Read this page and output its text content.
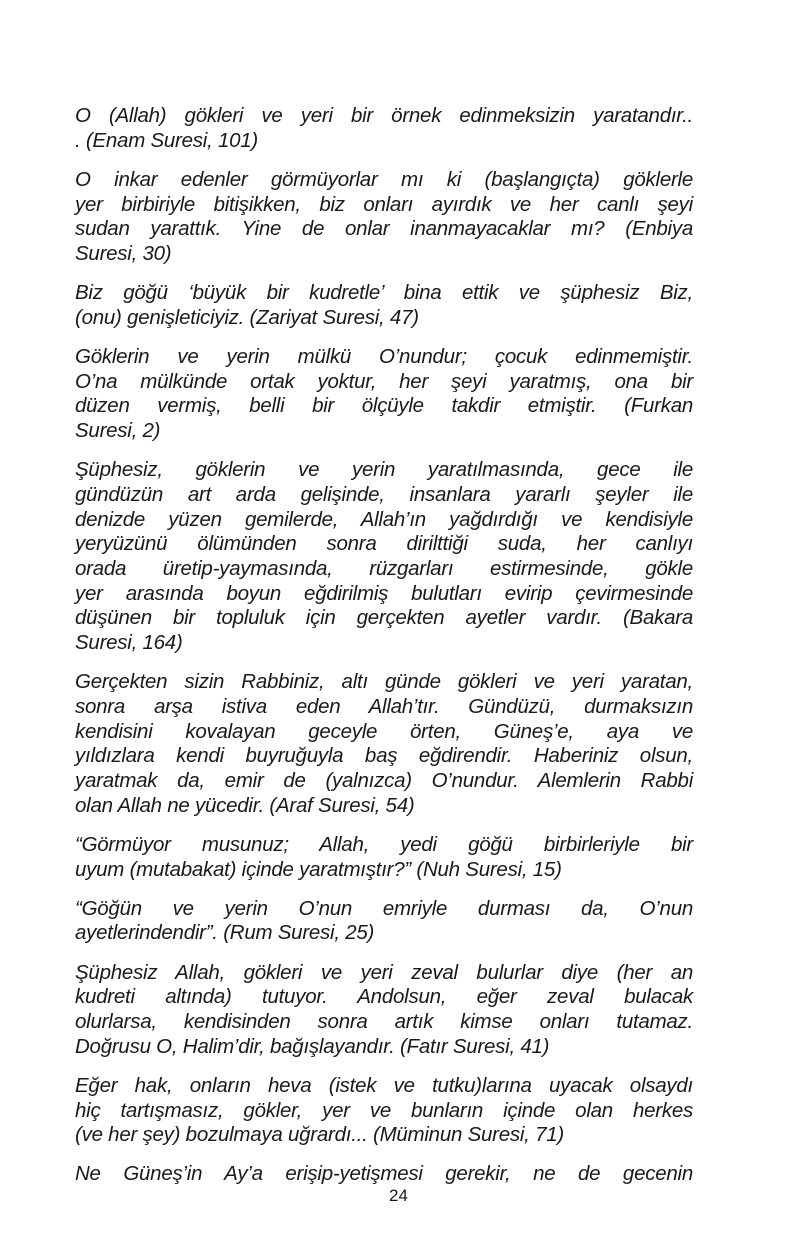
O (Allah) gökleri ve yeri bir örnek edinmeksizin yaratandır..
. (Enam Suresi, 101)
O inkar edenler görmüyorlar mı ki (başlangıçta) göklerle
yer birbiriyle bitişikken, biz onları ayırdık ve her canlı şeyi
sudan yarattık. Yine de onlar inanmayacaklar mı? (Enbiya
Suresi, 30)
Biz göğü ‘büyük bir kudretle’ bina ettik ve şüphesiz Biz,
(onu) genişleticiyiz. (Zariyat Suresi, 47)
Göklerin ve yerin mülkü O’nundur; çocuk edinmemiştir.
O’na mülkünde ortak yoktur, her şeyi yaratmış, ona bir
düzen vermiş, belli bir ölçüyle takdir etmiştir. (Furkan
Suresi, 2)
Şüphesiz, göklerin ve yerin yaratılmasında, gece ile
gündüzün art arda gelişinde, insanlara yararlı şeyler ile
denizde yüzen gemilerde, Allah’ın yağdırdığı ve kendisiyle
yeryüzünü ölümünden sonra dirilttiği suda, her canlıyı
orada üretip-yaymasında, rüzgarları estirmesinde, gökle
yer arasında boyun eğdirilmiş bulutları evirip çevirmesinde
düşünen bir topluluk için gerçekten ayetler vardır. (Bakara
Suresi, 164)
Gerçekten sizin Rabbiniz, altı günde gökleri ve yeri yaratan,
sonra arşa istiva eden Allah’tır. Gündüzü, durmaksızın
kendisini kovalayan geceyle örten, Güneş’e, aya ve
yıldızlara kendi buyruğuyla baş eğdirendir. Haberiniz olsun,
yaratmak da, emir de (yalnızca) O’nundur. Alemlerin Rabbi
olan Allah ne yücedir. (Araf Suresi, 54)
“Görmüyor musunuz; Allah, yedi göğü birbirleriyle bir
uyum (mutabakat) içinde yaratmıştır?” (Nuh Suresi, 15)
“Göğün ve yerin O’nun emriyle durması da, O’nun
ayetlerindendir”. (Rum Suresi, 25)
Şüphesiz Allah, gökleri ve yeri zeval bulurlar diye (her an
kudreti altında) tutuyor. Andolsun, eğer zeval bulacak
olurlarsa, kendisinden sonra artık kimse onları tutamaz.
Doğrusu O, Halim’dir, bağışlayandır. (Fatır Suresi, 41)
Eğer hak, onların heva (istek ve tutku)larına uyacak olsaydı
hiç tartışmasız, gökler, yer ve bunların içinde olan herkes
(ve her şey) bozulmaya uğrardı... (Müminun Suresi, 71)
Ne Güneş’in Ay’a erişip-yetişmesi gerekir, ne de gecenin
24
